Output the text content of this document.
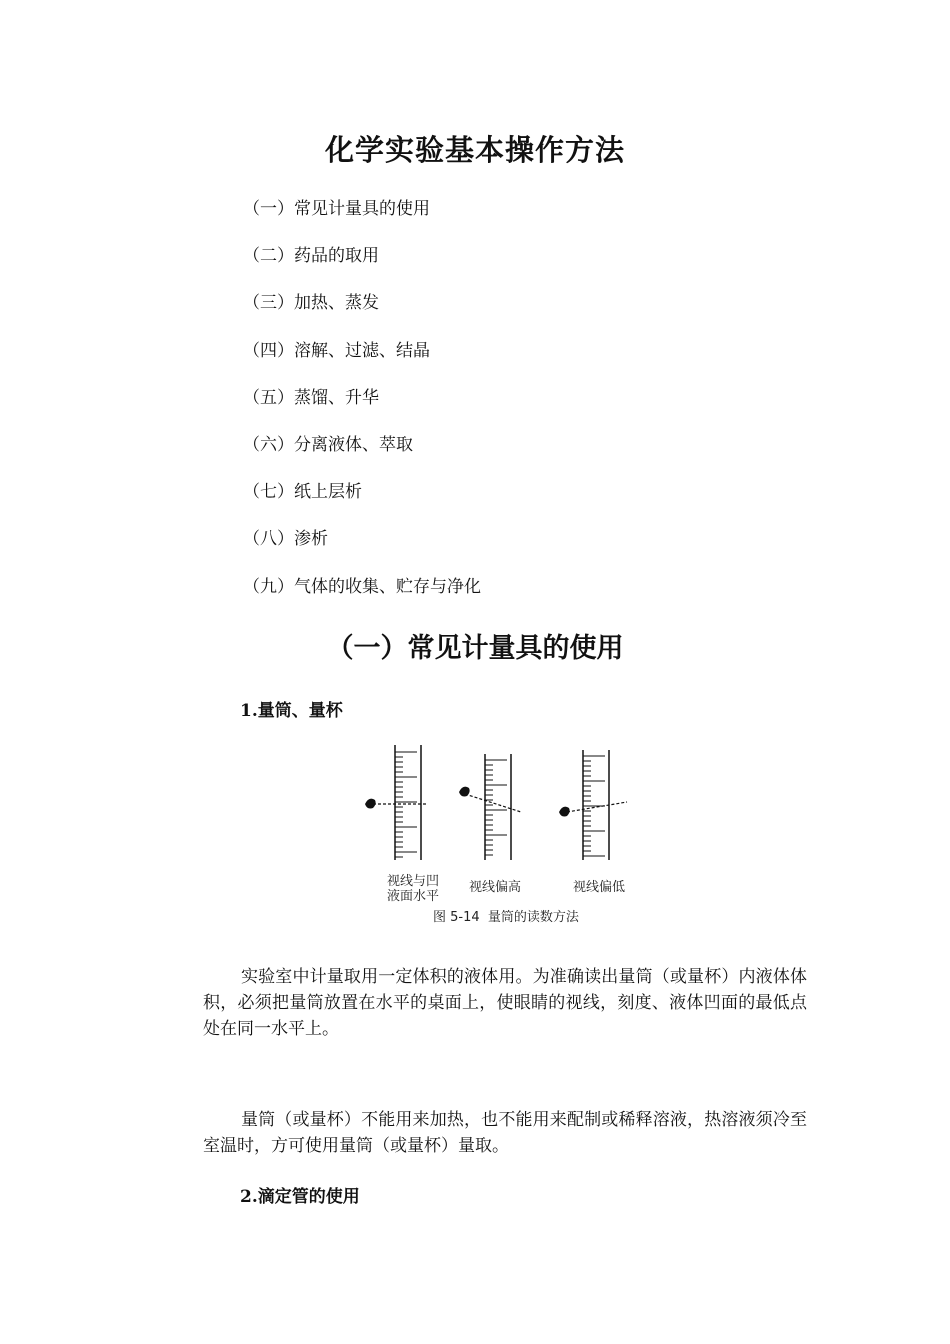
化学实验基本操作方法
（一）常见计量具的使用
（二）药品的取用
（三）加热、蒸发
（四）溶解、过滤、结晶
（五）蒸馏、升华
（六）分离液体、萃取
（七）纸上层析
（八）渗析
（九）气体的收集、贮存与净化
（一）常见计量具的使用

1.量筒、量杯

视线与凹
液面水平
视线偏高	视线偏低
图 5-14  量筒的读数方法

实验室中计量取用一定体积的液体用。为准确读出量筒（或量杯）内液体体积，必须把量筒放置在水平的桌面上，使眼睛的视线，刻度、液体凹面的最低点处在同一水平上。

量筒（或量杯）不能用来加热，也不能用来配制或稀释溶液，热溶液须冷至室温时，方可使用量筒（或量杯）量取。

2.滴定管的使用
